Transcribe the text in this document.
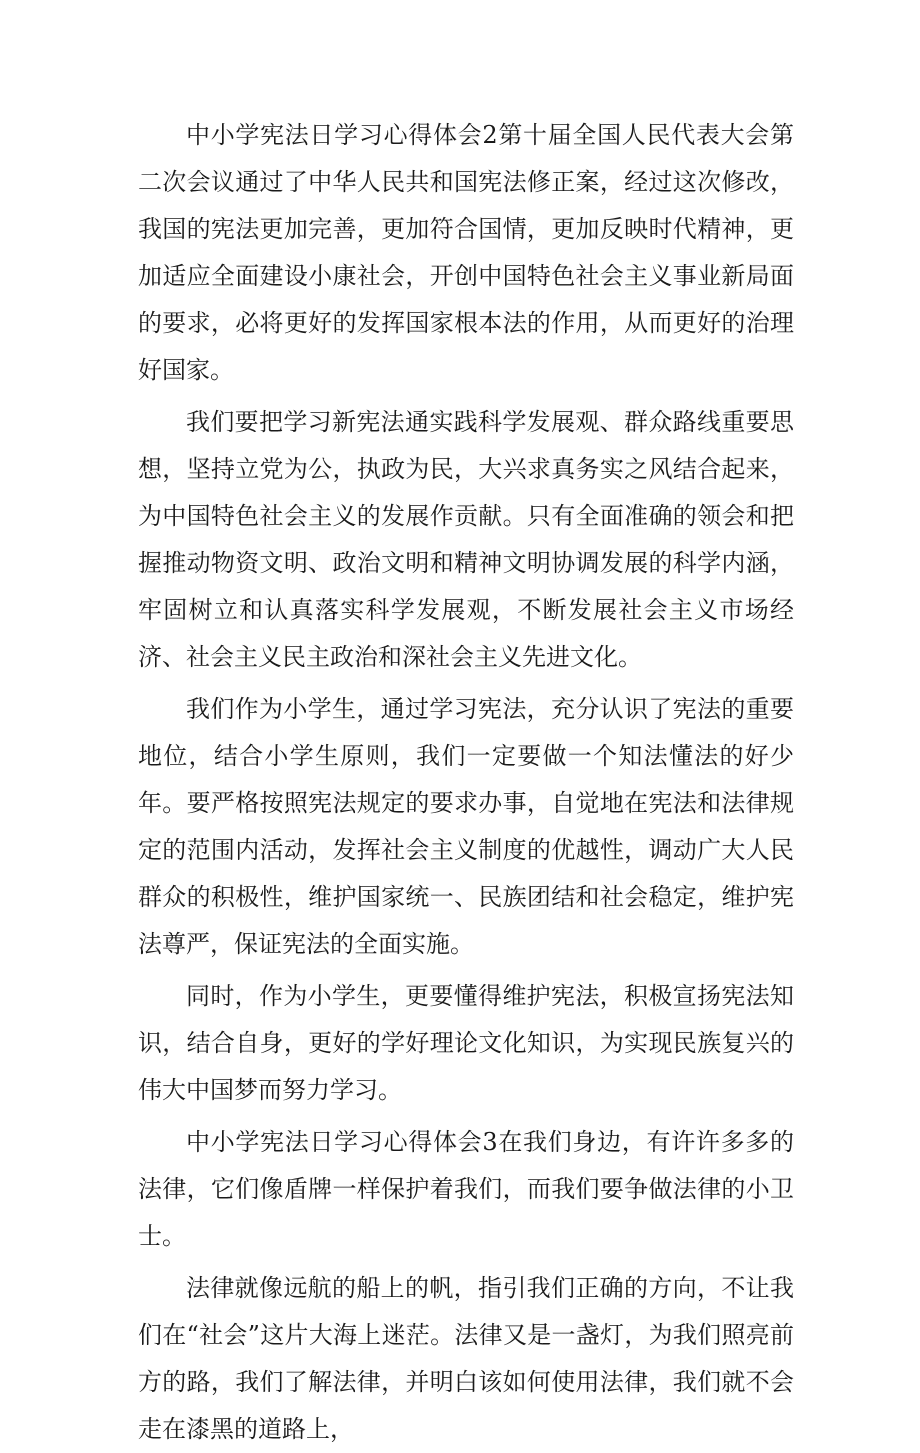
中小学宪法日学习心得体会2第十届全国人民代表大会第二次会议通过了中华人民共和国宪法修正案，经过这次修改，我国的宪法更加完善，更加符合国情，更加反映时代精神，更加适应全面建设小康社会，开创中国特色社会主义事业新局面的要求，必将更好的发挥国家根本法的作用，从而更好的治理好国家。

我们要把学习新宪法通实践科学发展观、群众路线重要思想，坚持立党为公，执政为民，大兴求真务实之风结合起来，为中国特色社会主义的发展作贡献。只有全面准确的领会和把握推动物资文明、政治文明和精神文明协调发展的科学内涵，牢固树立和认真落实科学发展观，不断发展社会主义市场经济、社会主义民主政治和深社会主义先进文化。

我们作为小学生，通过学习宪法，充分认识了宪法的重要地位，结合小学生原则，我们一定要做一个知法懂法的好少年。要严格按照宪法规定的要求办事，自觉地在宪法和法律规定的范围内活动，发挥社会主义制度的优越性，调动广大人民群众的积极性，维护国家统一、民族团结和社会稳定，维护宪法尊严，保证宪法的全面实施。

同时，作为小学生，更要懂得维护宪法，积极宣扬宪法知识，结合自身，更好的学好理论文化知识，为实现民族复兴的伟大中国梦而努力学习。

中小学宪法日学习心得体会3在我们身边，有许许多多的法律，它们像盾牌一样保护着我们，而我们要争做法律的小卫士。

法律就像远航的船上的帆，指引我们正确的方向，不让我们在“社会”这片大海上迷茫。法律又是一盏灯，为我们照亮前方的路，我们了解法律，并明白该如何使用法律，我们就不会走在漆黑的道路上，
